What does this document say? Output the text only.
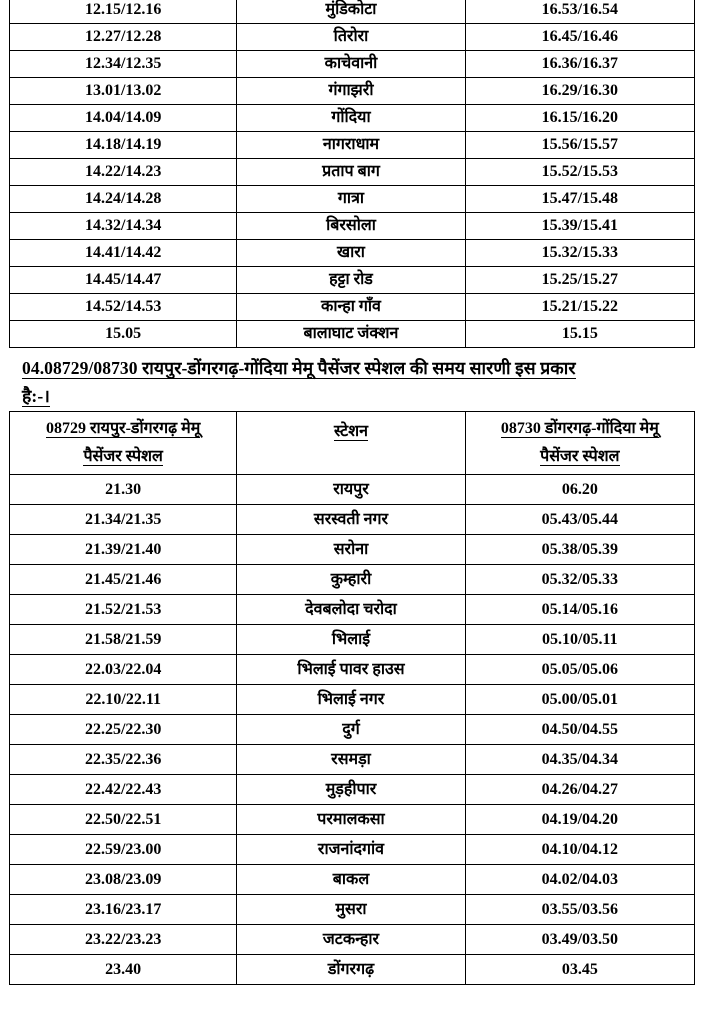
12.15/12.16	मुंडिकोटा	16.53/16.54
12.27/12.28	तिरोरा	16.45/16.46
12.34/12.35	काचेवानी	16.36/16.37
13.01/13.02	गंगाझरी	16.29/16.30
14.04/14.09	गोंदिया	16.15/16.20
14.18/14.19	नागराधाम	15.56/15.57
14.22/14.23	प्रताप बाग	15.52/15.53
14.24/14.28	गात्रा	15.47/15.48
14.32/14.34	बिरसोला	15.39/15.41
14.41/14.42	खारा	15.32/15.33
14.45/14.47	हट्टा रोड	15.25/15.27
14.52/14.53	कान्हा गाँव	15.21/15.22
15.05	बालाघाट जंक्शन	15.15
04.08729/08730 रायपुर-डोंगरगढ़-गोंदिया मेमू पैसेंजर स्पेशल की समय सारणी इस प्रकार
है:-।
08729 रायपुर-डोंगरगढ़ मेमू
पैसेंजर स्पेशल	स्टेशन	08730 डोंगरगढ़-गोंदिया मेमू
पैसेंजर स्पेशल
21.30	रायपुर	06.20
21.34/21.35	सरस्वती नगर	05.43/05.44
21.39/21.40	सरोना	05.38/05.39
21.45/21.46	कुम्हारी	05.32/05.33
21.52/21.53	देवबलोदा चरोदा	05.14/05.16
21.58/21.59	भिलाई	05.10/05.11
22.03/22.04	भिलाई पावर हाउस	05.05/05.06
22.10/22.11	भिलाई नगर	05.00/05.01
22.25/22.30	दुर्ग	04.50/04.55
22.35/22.36	रसमड़ा	04.35/04.34
22.42/22.43	मुड़हीपार	04.26/04.27
22.50/22.51	परमालकसा	04.19/04.20
22.59/23.00	राजनांदगांव	04.10/04.12
23.08/23.09	बाकल	04.02/04.03
23.16/23.17	मुसरा	03.55/03.56
23.22/23.23	जटकन्हार	03.49/03.50
23.40	डोंगरगढ़	03.45
